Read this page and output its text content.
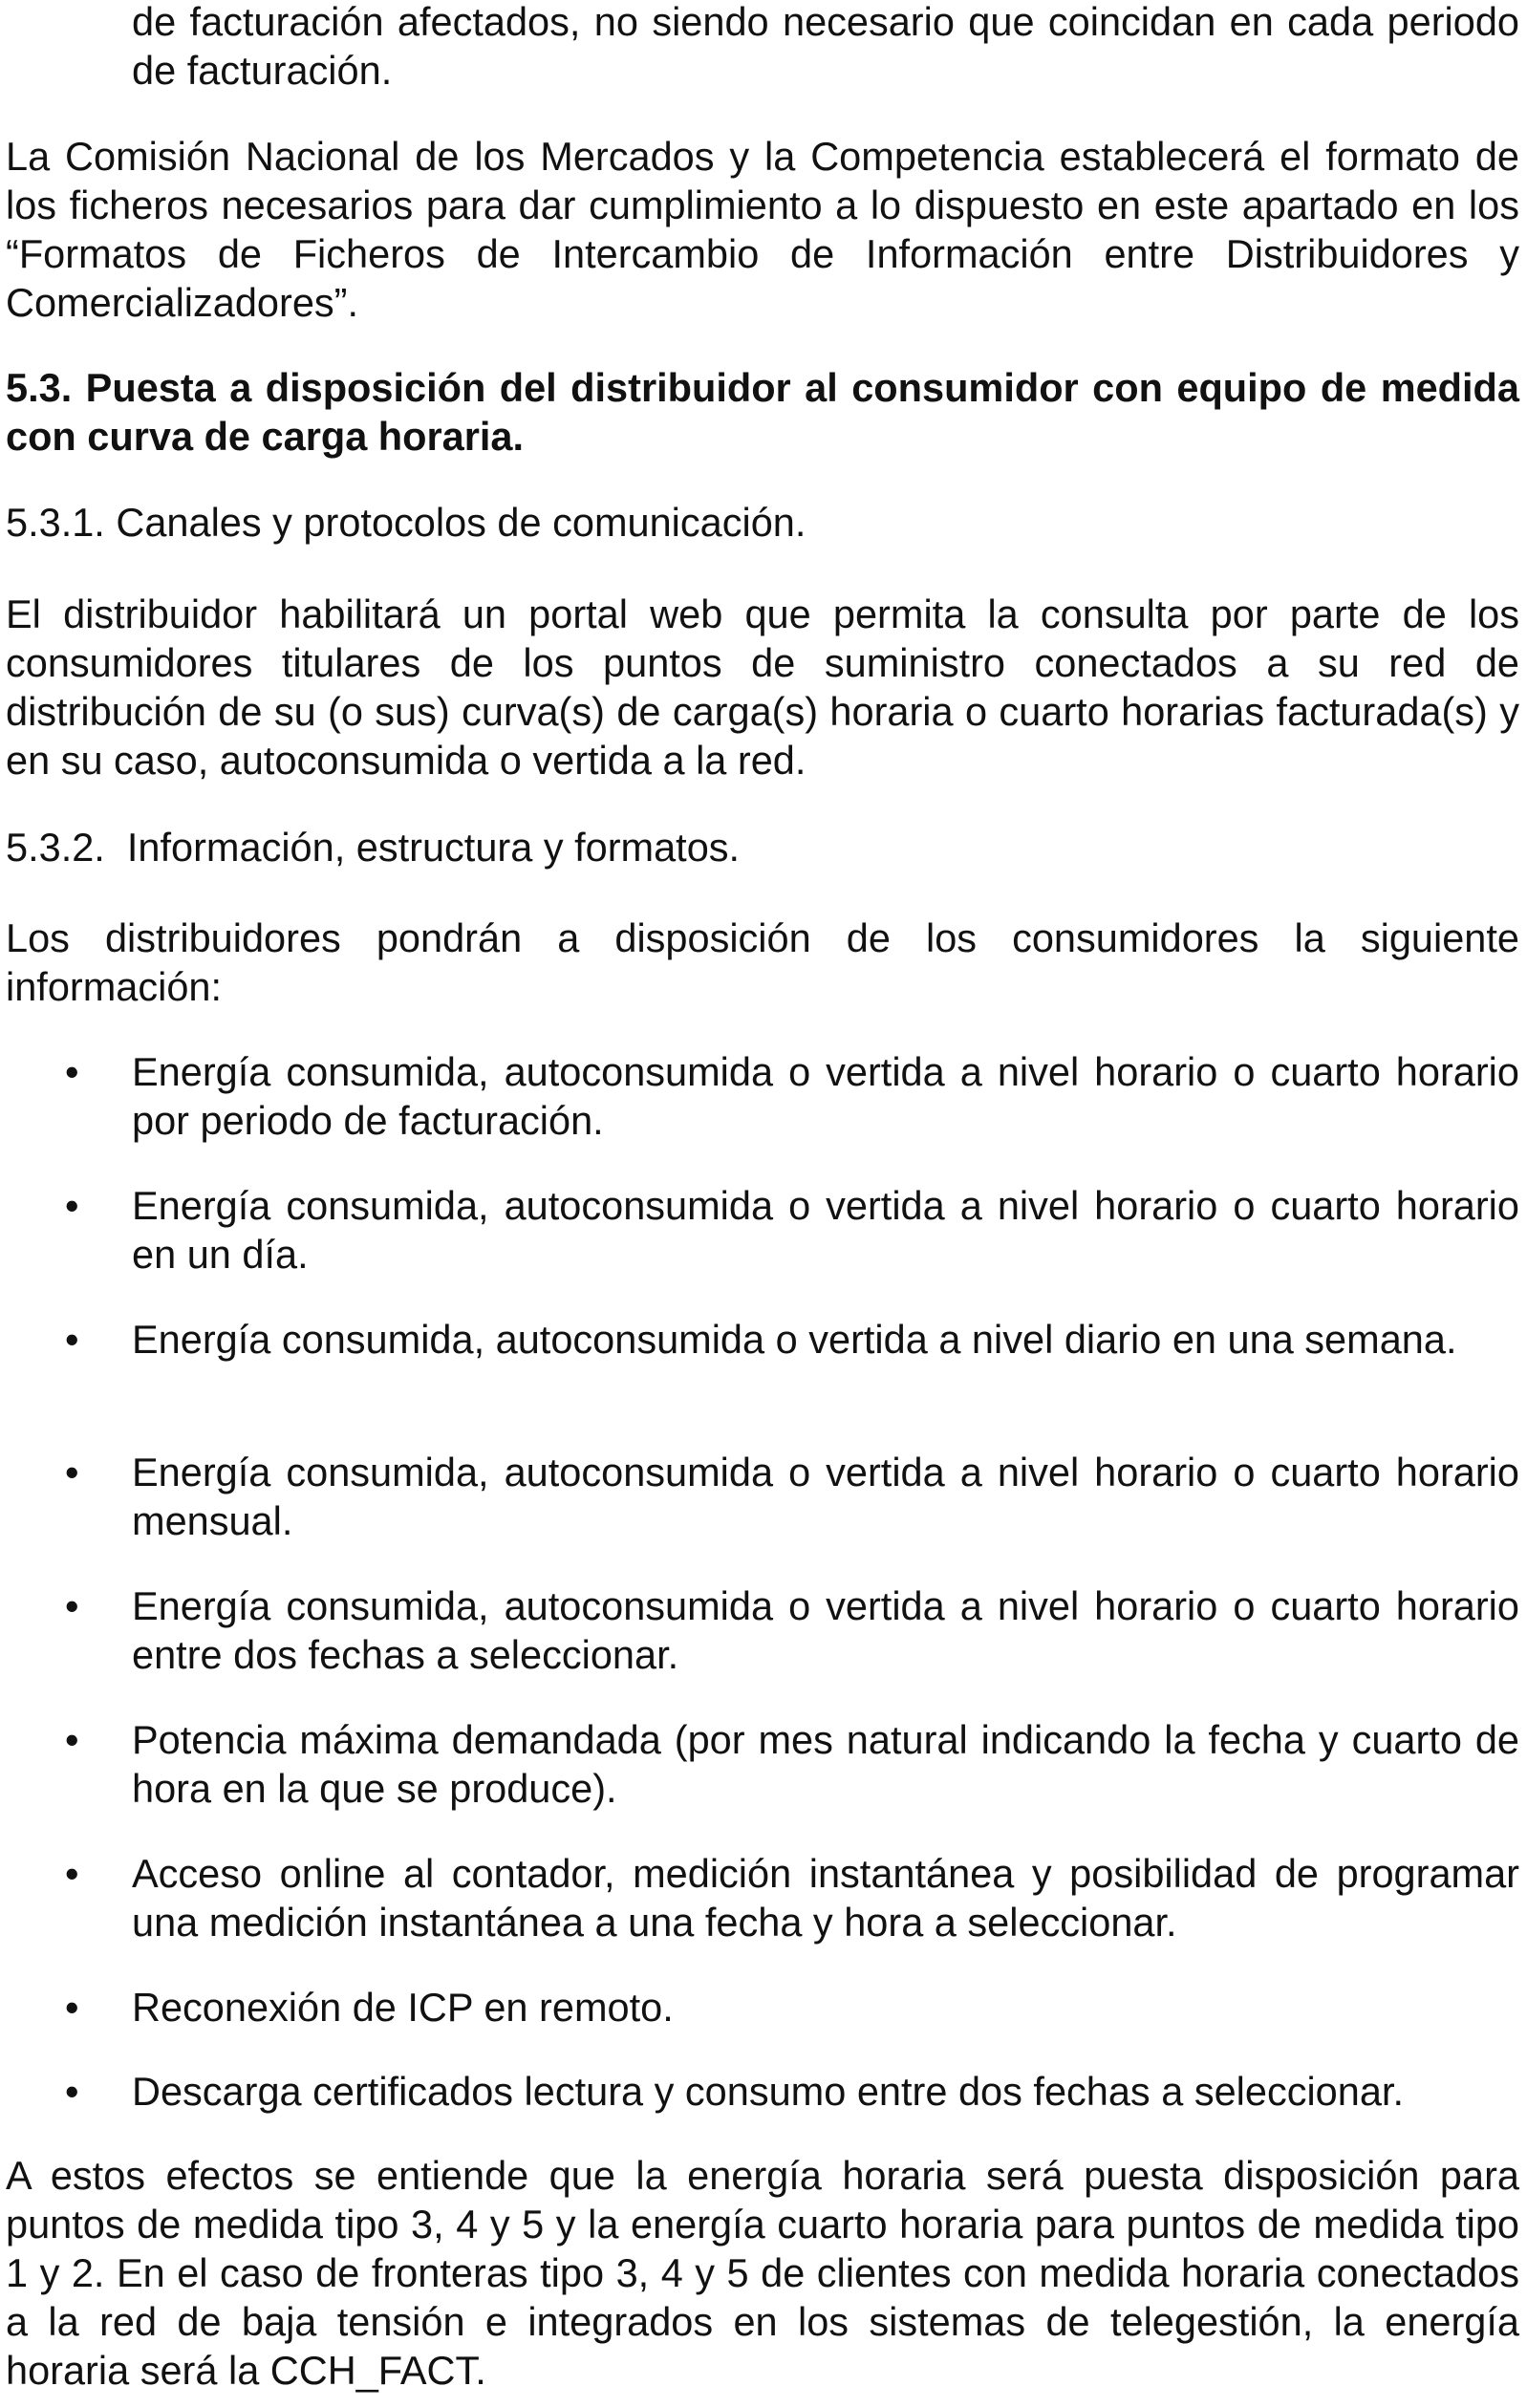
de facturación afectados, no siendo necesario que coincidan en cada periodo de facturación.

La Comisión Nacional de los Mercados y la Competencia establecerá el formato de los ficheros necesarios para dar cumplimiento a lo dispuesto en este apartado en los “Formatos de Ficheros de Intercambio de Información entre Distribuidores y Comercializadores”.

5.3. Puesta a disposición del distribuidor al consumidor con equipo de medida con curva de carga horaria.

5.3.1. Canales y protocolos de comunicación.

El distribuidor habilitará un portal web que permita la consulta por parte de los consumidores titulares de los puntos de suministro conectados a su red de distribución de su (o sus) curva(s) de carga(s) horaria o cuarto horarias facturada(s) y en su caso, autoconsumida o vertida a la red.

5.3.2.  Información, estructura y formatos.

Los distribuidores pondrán a disposición de los consumidores la siguiente información:

• Energía consumida, autoconsumida o vertida a nivel horario o cuarto horario por periodo de facturación.

• Energía consumida, autoconsumida o vertida a nivel horario o cuarto horario en un día.

• Energía consumida, autoconsumida o vertida a nivel diario en una semana.

• Energía consumida, autoconsumida o vertida a nivel horario o cuarto horario mensual.

• Energía consumida, autoconsumida o vertida a nivel horario o cuarto horario entre dos fechas a seleccionar.

• Potencia máxima demandada (por mes natural indicando la fecha y cuarto de hora en la que se produce).

• Acceso online al contador, medición instantánea y posibilidad de programar una medición instantánea a una fecha y hora a seleccionar.

• Reconexión de ICP en remoto.

• Descarga certificados lectura y consumo entre dos fechas a seleccionar.

A estos efectos se entiende que la energía horaria será puesta disposición para puntos de medida tipo 3, 4 y 5 y la energía cuarto horaria para puntos de medida tipo 1 y 2. En el caso de fronteras tipo 3, 4 y 5 de clientes con medida horaria conectados a la red de baja tensión e integrados en los sistemas de telegestión, la energía horaria será la CCH_FACT.
